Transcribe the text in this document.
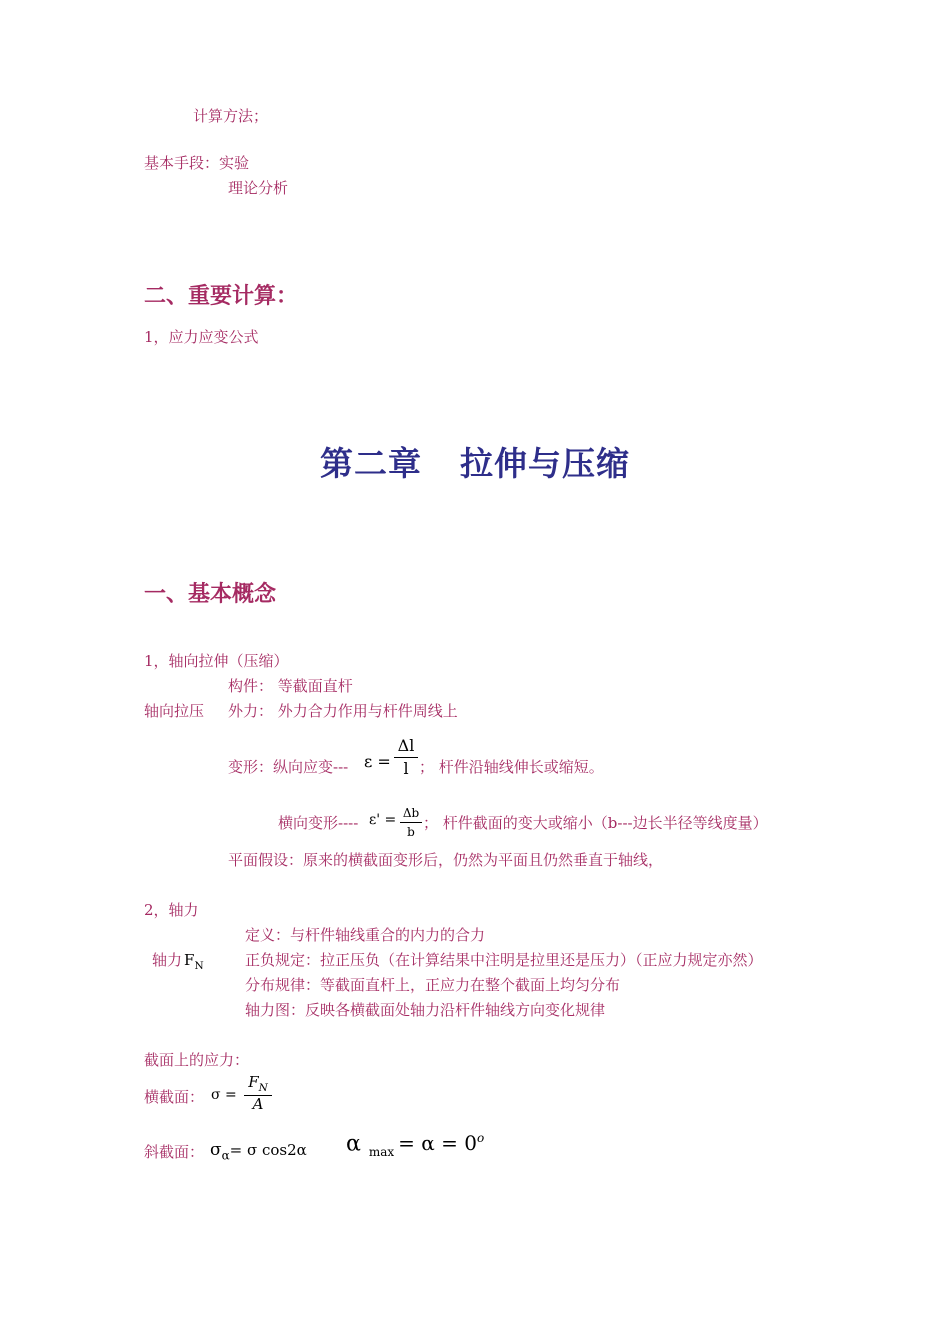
计算方法；
基本手段：实验
理论分析
二、重要计算：
1，应力应变公式
第二章 拉伸与压缩
一、基本概念
1，轴向拉伸（压缩）
构件： 等截面直杆
轴向拉压 外力： 外力合力作用与杆件周线上
变形：纵向应变--- ε =
Δl
l ； 杆件沿轴线伸长或缩短。
横向变形---- ε' = Δb
b ； 杆件截面的变大或缩小（b---边长半径等线度量）
平面假设：原来的横截面变形后，仍然为平面且仍然垂直于轴线，
2，轴力
定义：与杆件轴线重合的内力的合力
轴力 $F_N$	正负规定：拉正压负（在计算结果中注明是拉里还是压力）（正应力规定亦然）
分布规律：等截面直杆上，正应力在整个截面上均匀分布
轴力图：反映各横截面处轴力沿杆件轴线方向变化规律
截面上的应力：
横截面： σ =
$F_N$
A
斜截面： $\sigma_\alpha= \sigma$ cos2α α $_{max} = \alpha = 0^o$
